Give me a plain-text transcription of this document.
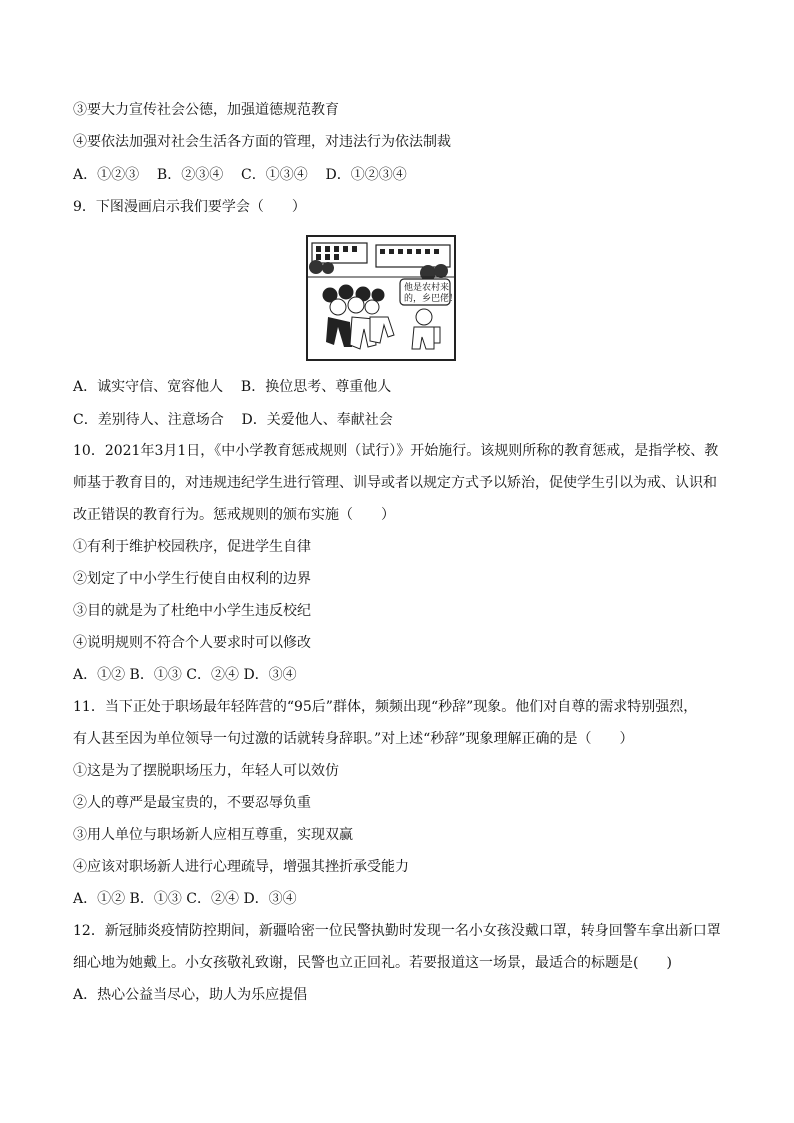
③要大力宣传社会公德，加强道德规范教育
④要依法加强对社会生活各方面的管理，对违法行为依法制裁
A．①②③    B．②③④    C．①③④    D．①②③④
9．下图漫画启示我们要学会（　　）
他是农村来
的，乡巴佬！
A．诚实守信、宽容他人    B．换位思考、尊重他人
C．差别待人、注意场合    D．关爱他人、奉献社会
10．2021年3月1日，《中小学教育惩戒规则（试行）》开始施行。该规则所称的教育惩戒，是指学校、教
师基于教育目的，对违规违纪学生进行管理、训导或者以规定方式予以矫治，促使学生引以为戒、认识和
改正错误的教育行为。惩戒规则的颁布实施（　　）
①有利于维护校园秩序，促进学生自律
②划定了中小学生行使自由权利的边界
③目的就是为了杜绝中小学生违反校纪
④说明规则不符合个人要求时可以修改
A．①② B．①③ C．②④ D．③④
11．当下正处于职场最年轻阵营的“95后”群体，频频出现“秒辞”现象。他们对自尊的需求特别强烈，
有人甚至因为单位领导一句过激的话就转身辞职。”对上述“秒辞”现象理解正确的是（　　）
①这是为了摆脱职场压力，年轻人可以效仿
②人的尊严是最宝贵的，不要忍辱负重
③用人单位与职场新人应相互尊重，实现双赢
④应该对职场新人进行心理疏导，增强其挫折承受能力
A．①② B．①③ C．②④ D．③④
12．新冠肺炎疫情防控期间，新疆哈密一位民警执勤时发现一名小女孩没戴口罩，转身回警车拿出新口罩
细心地为她戴上。小女孩敬礼致谢，民警也立正回礼。若要报道这一场景，最适合的标题是(　　)
A．热心公益当尽心，助人为乐应提倡
